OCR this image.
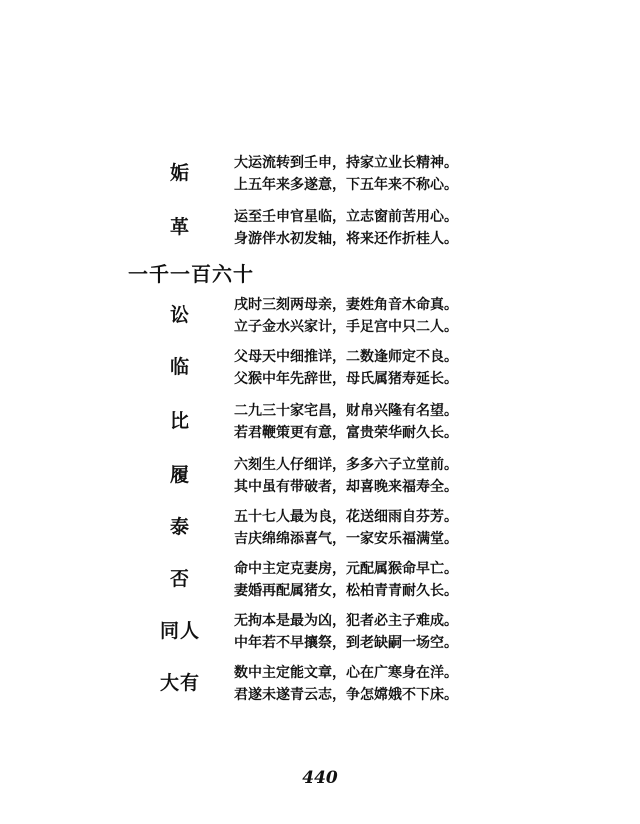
姤	大运流转到壬申，持家立业长精神。
上五年来多遂意，下五年来不称心。
革	运至壬申官星临，立志窗前苦用心。
身游伴水初发轴，将来还作折桂人。
一千一百六十
讼	戌时三刻两母亲，妻姓角音木命真。
立子金水兴家计，手足宫中只二人。
临	父母天中细推详，二数逢师定不良。
父猴中年先辞世，母氏属猪寿延长。
比	二九三十家宅昌，财帛兴隆有名望。
若君鞭策更有意，富贵荣华耐久长。
履	六刻生人仔细详，多多六子立堂前。
其中虽有带破者，却喜晚来福寿全。
泰	五十七人最为良，花送细雨自芬芳。
吉庆绵绵添喜气，一家安乐福满堂。
否	命中主定克妻房，元配属猴命早亡。
妻婚再配属猪女，松柏青青耐久长。
同人	无拘本是最为凶，犯者必主子难成。
中年若不早攘祭，到老缺嗣一场空。
大有	数中主定能文章，心在广寒身在洋。
君遂未遂青云志，争怎嫦娥不下床。
440
